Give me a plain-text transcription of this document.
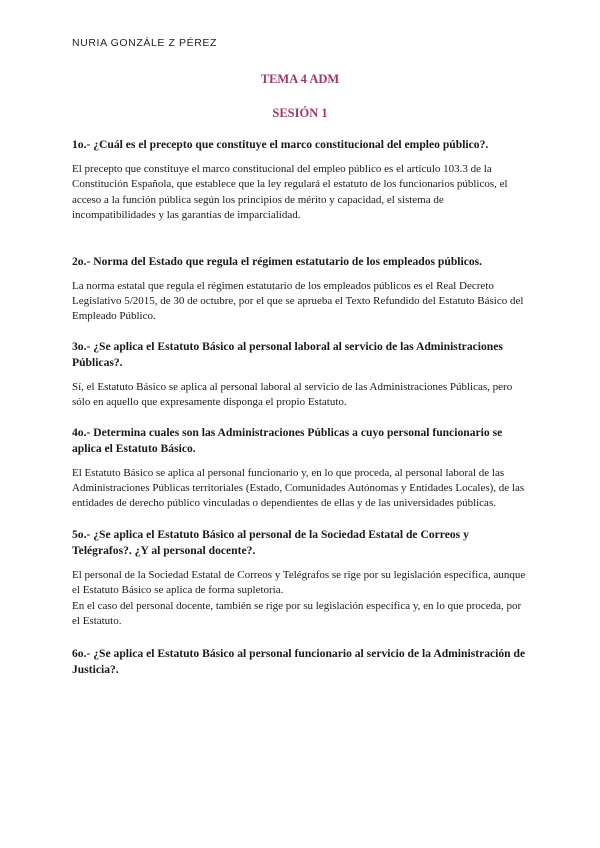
NURIA GONZÁLE Z PÉREZ
TEMA 4 ADM
SESIÓN 1

1o.- ¿Cuál es el precepto que constituye el marco constitucional del empleo público?.

El precepto que constituye el marco constitucional del empleo público es el artículo 103.3 de la Constitución Española, que establece que la ley regulará el estatuto de los funcionarios públicos, el acceso a la función pública según los principios de mérito y capacidad, el sistema de incompatibilidades y las garantías de imparcialidad.

2o.- Norma del Estado que regula el régimen estatutario de los empleados públicos.

La norma estatal que regula el régimen estatutario de los empleados públicos es el Real Decreto Legislativo 5/2015, de 30 de octubre, por el que se aprueba el Texto Refundido del Estatuto Básico del Empleado Público.

3o.- ¿Se aplica el Estatuto Básico al personal laboral al servicio de las Administraciones Públicas?.

Sí, el Estatuto Básico se aplica al personal laboral al servicio de las Administraciones Públicas, pero sólo en aquello que expresamente dispongа el propio Estatuto.

4o.- Determina cuales son las Administraciones Públicas a cuyo personal funcionario se aplica el Estatuto Básico.

El Estatuto Básico se aplica al personal funcionario y, en lo que proceda, al personal laboral de las Administraciones Públicas territoriales (Estado, Comunidades Autónomas y Entidades Locales), de las entidades de derecho público vinculadas o dependientes de ellas y de las universidades públicas.

5o.- ¿Se aplica el Estatuto Básico al personal de la Sociedad Estatal de Correos y Telégrafos?. ¿Y al personal docente?.

El personal de la Sociedad Estatal de Correos y Telégrafos se rige por su legislación específica, aunque el Estatuto Básico se aplica de forma supletoria.
En el caso del personal docente, también se rige por su legislación específica y, en lo que proceda, por el Estatuto.

6o.- ¿Se aplica el Estatuto Básico al personal funcionario al servicio de la Administración de Justicia?.
